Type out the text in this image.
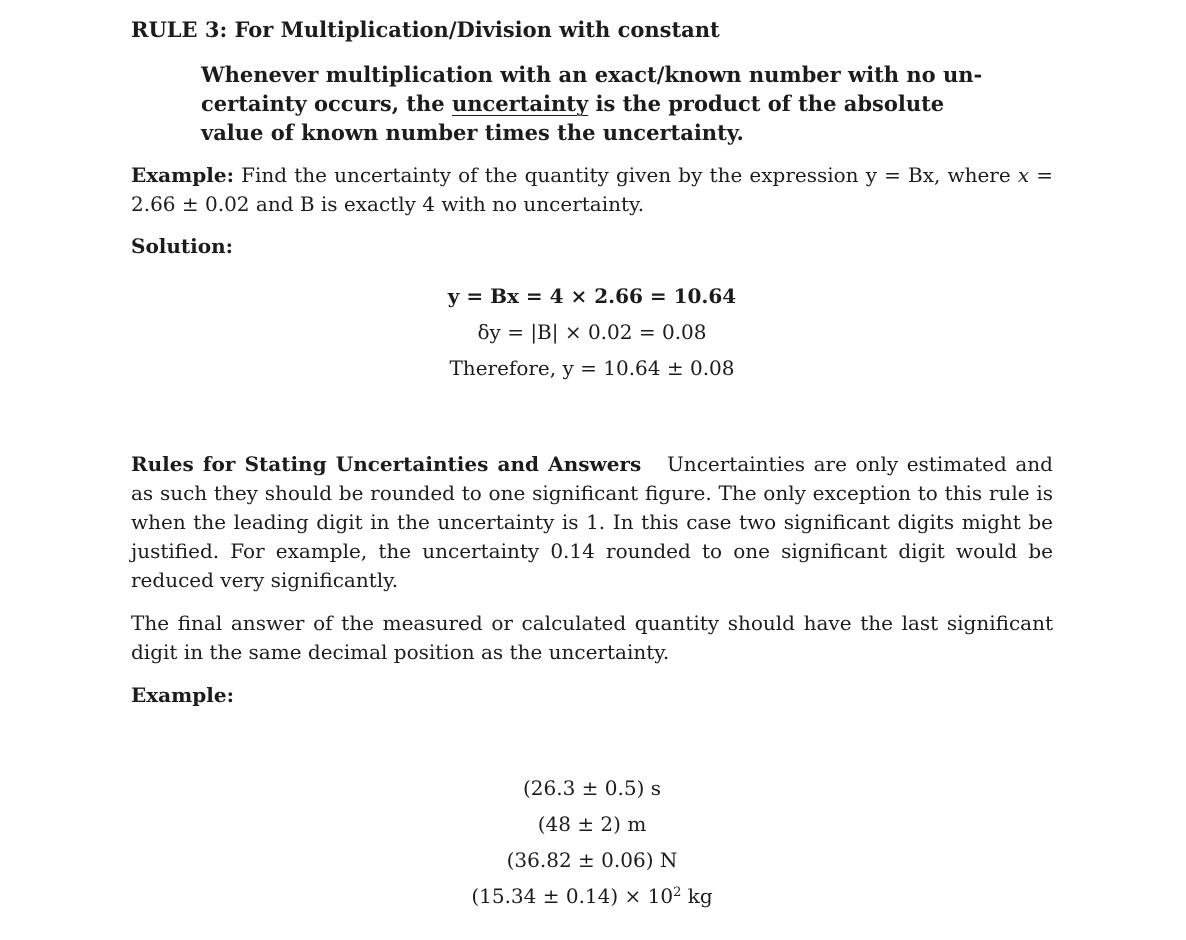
RULE 3: For Multiplication/Division with constant
Whenever multiplication with an exact/known number with no uncertainty occurs, the uncertainty is the product of the absolute value of known number times the uncertainty.
Example: Find the uncertainty of the quantity given by the expression y = Bx, where x = 2.66 ± 0.02 and B is exactly 4 with no uncertainty.
Solution:
y = Bx = 4 × 2.66 = 10.64
δy = |B| × 0.02 = 0.08
Therefore, y = 10.64 ± 0.08
Rules for Stating Uncertainties and Answers Uncertainties are only estimated and as such they should be rounded to one significant figure. The only exception to this rule is when the leading digit in the uncertainty is 1. In this case two significant digits might be justified. For example, the uncertainty 0.14 rounded to one significant digit would be reduced very significantly.
The final answer of the measured or calculated quantity should have the last significant digit in the same decimal position as the uncertainty.
Example:
(26.3 ± 0.5) s
(48 ± 2) m
(36.82 ± 0.06) N
$(15.34 \pm 0.14) \times 10^2$ kg
